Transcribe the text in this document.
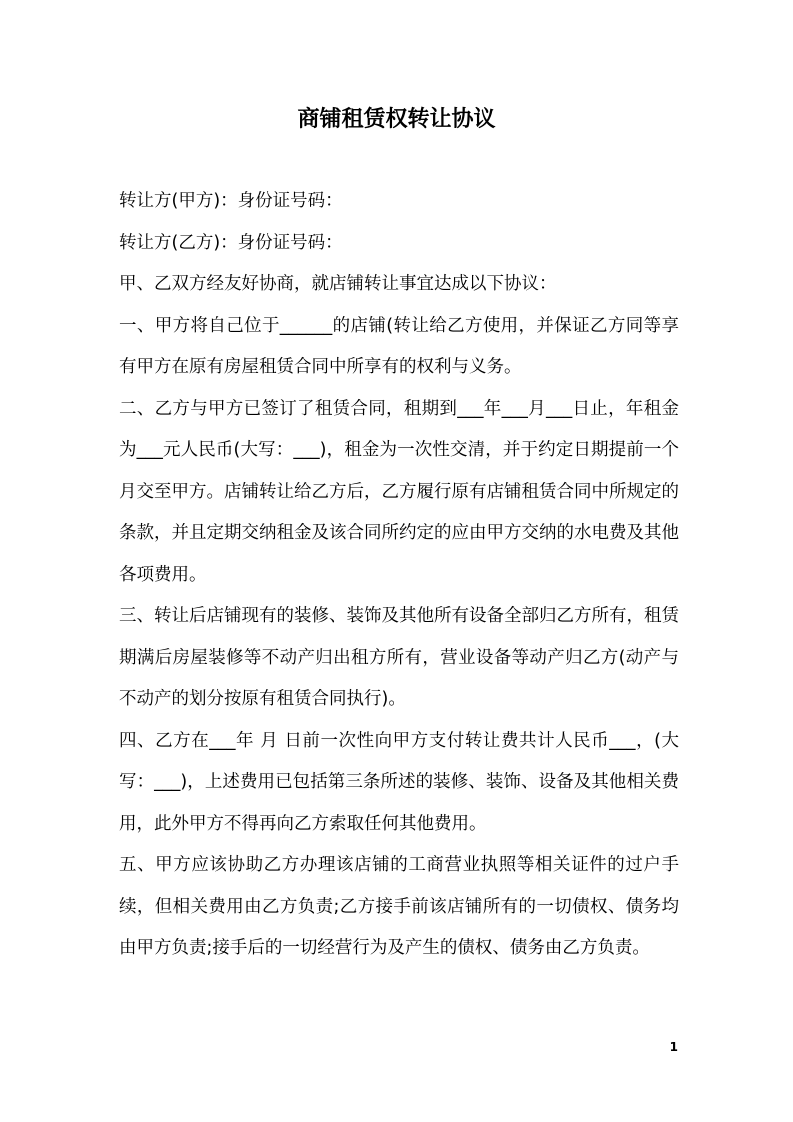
商铺租赁权转让协议

转让方(甲方)：身份证号码：

转让方(乙方)：身份证号码：

甲、乙双方经友好协商，就店铺转让事宜达成以下协议：

一、甲方将自己位于______的店铺(转让给乙方使用，并保证乙方同等享有甲方在原有房屋租赁合同中所享有的权利与义务。

二、乙方与甲方已签订了租赁合同，租期到___年___月___日止，年租金为___元人民币(大写：___)，租金为一次性交清，并于约定日期提前一个月交至甲方。店铺转让给乙方后，乙方履行原有店铺租赁合同中所规定的条款，并且定期交纳租金及该合同所约定的应由甲方交纳的水电费及其他各项费用。

三、转让后店铺现有的装修、装饰及其他所有设备全部归乙方所有，租赁期满后房屋装修等不动产归出租方所有，营业设备等动产归乙方(动产与不动产的划分按原有租赁合同执行)。

四、乙方在___年 月 日前一次性向甲方支付转让费共计人民币___，(大写：___)，上述费用已包括第三条所述的装修、装饰、设备及其他相关费用，此外甲方不得再向乙方索取任何其他费用。

五、甲方应该协助乙方办理该店铺的工商营业执照等相关证件的过户手续，但相关费用由乙方负责;乙方接手前该店铺所有的一切债权、债务均由甲方负责;接手后的一切经营行为及产生的债权、债务由乙方负责。

1
